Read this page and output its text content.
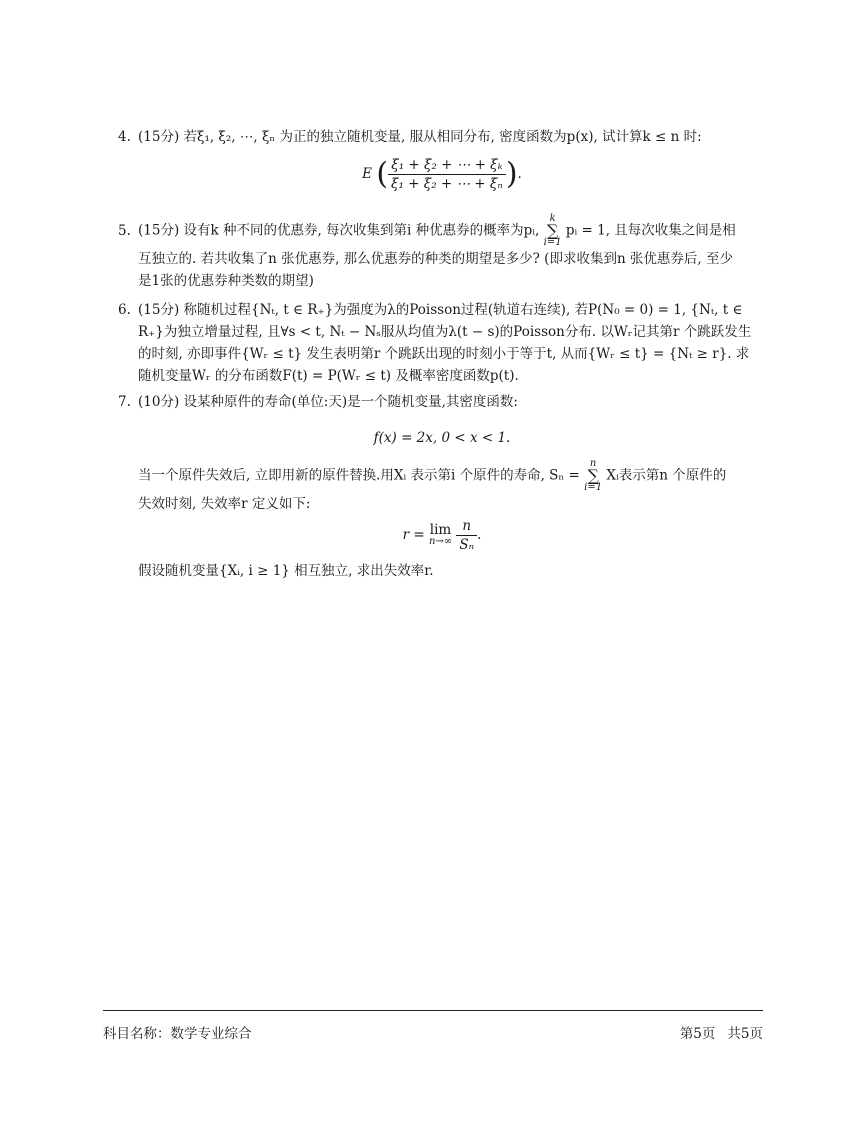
4. (15分) 若ξ₁, ξ₂, ⋯, ξₙ 为正的独立随机变量, 服从相同分布, 密度函数为p(x), 试计算k ≤ n 时:
E ( $\frac{\text{ξ₁ + ξ₂ + ⋯ + ξₖ}}{\text{ξ₁ + ξ₂ + ⋯ + ξₙ}}$ ).
5. (15分) 设有k 种不同的优惠券, 每次收集到第i 种优惠券的概率为pᵢ, k
∑
i=1 pᵢ = 1, 且每次收集之间是相
互独立的. 若共收集了n 张优惠券, 那么优惠券的种类的期望是多少? (即求收集到n 张优惠券后, 至少
是1张的优惠券种类数的期望)
6. (15分) 称随机过程{Nₜ, t ∈ R₊}为强度为λ的Poisson过程(轨道右连续), 若P(N₀ = 0) = 1, {Nₜ, t ∈
R₊}为独立增量过程, 且∀s < t, Nₜ − Nₛ服从均值为λ(t − s)的Poisson分布. 以Wᵣ记其第r 个跳跃发生
的时刻, 亦即事件{Wᵣ ≤ t} 发生表明第r 个跳跃出现的时刻小于等于t, 从而{Wᵣ ≤ t} = {Nₜ ≥ r}. 求
随机变量Wᵣ 的分布函数F(t) = P(Wᵣ ≤ t) 及概率密度函数p(t).
7. (10分) 设某种原件的寿命(单位:天)是一个随机变量,其密度函数:
f(x) = 2x, 0 < x < 1.
当一个原件失效后, 立即用新的原件替换.用Xᵢ 表示第i 个原件的寿命, Sₙ = n
∑
i=1 Xᵢ表示第n 个原件的
失效时刻, 失效率r 定义如下:
r = lim
n→∞
$\frac{n}{\text{Sₙ}}$ .
假设随机变量{Xᵢ, i ≥ 1} 相互独立, 求出失效率r.
科目名称：数学专业综合	第5页 共5页
